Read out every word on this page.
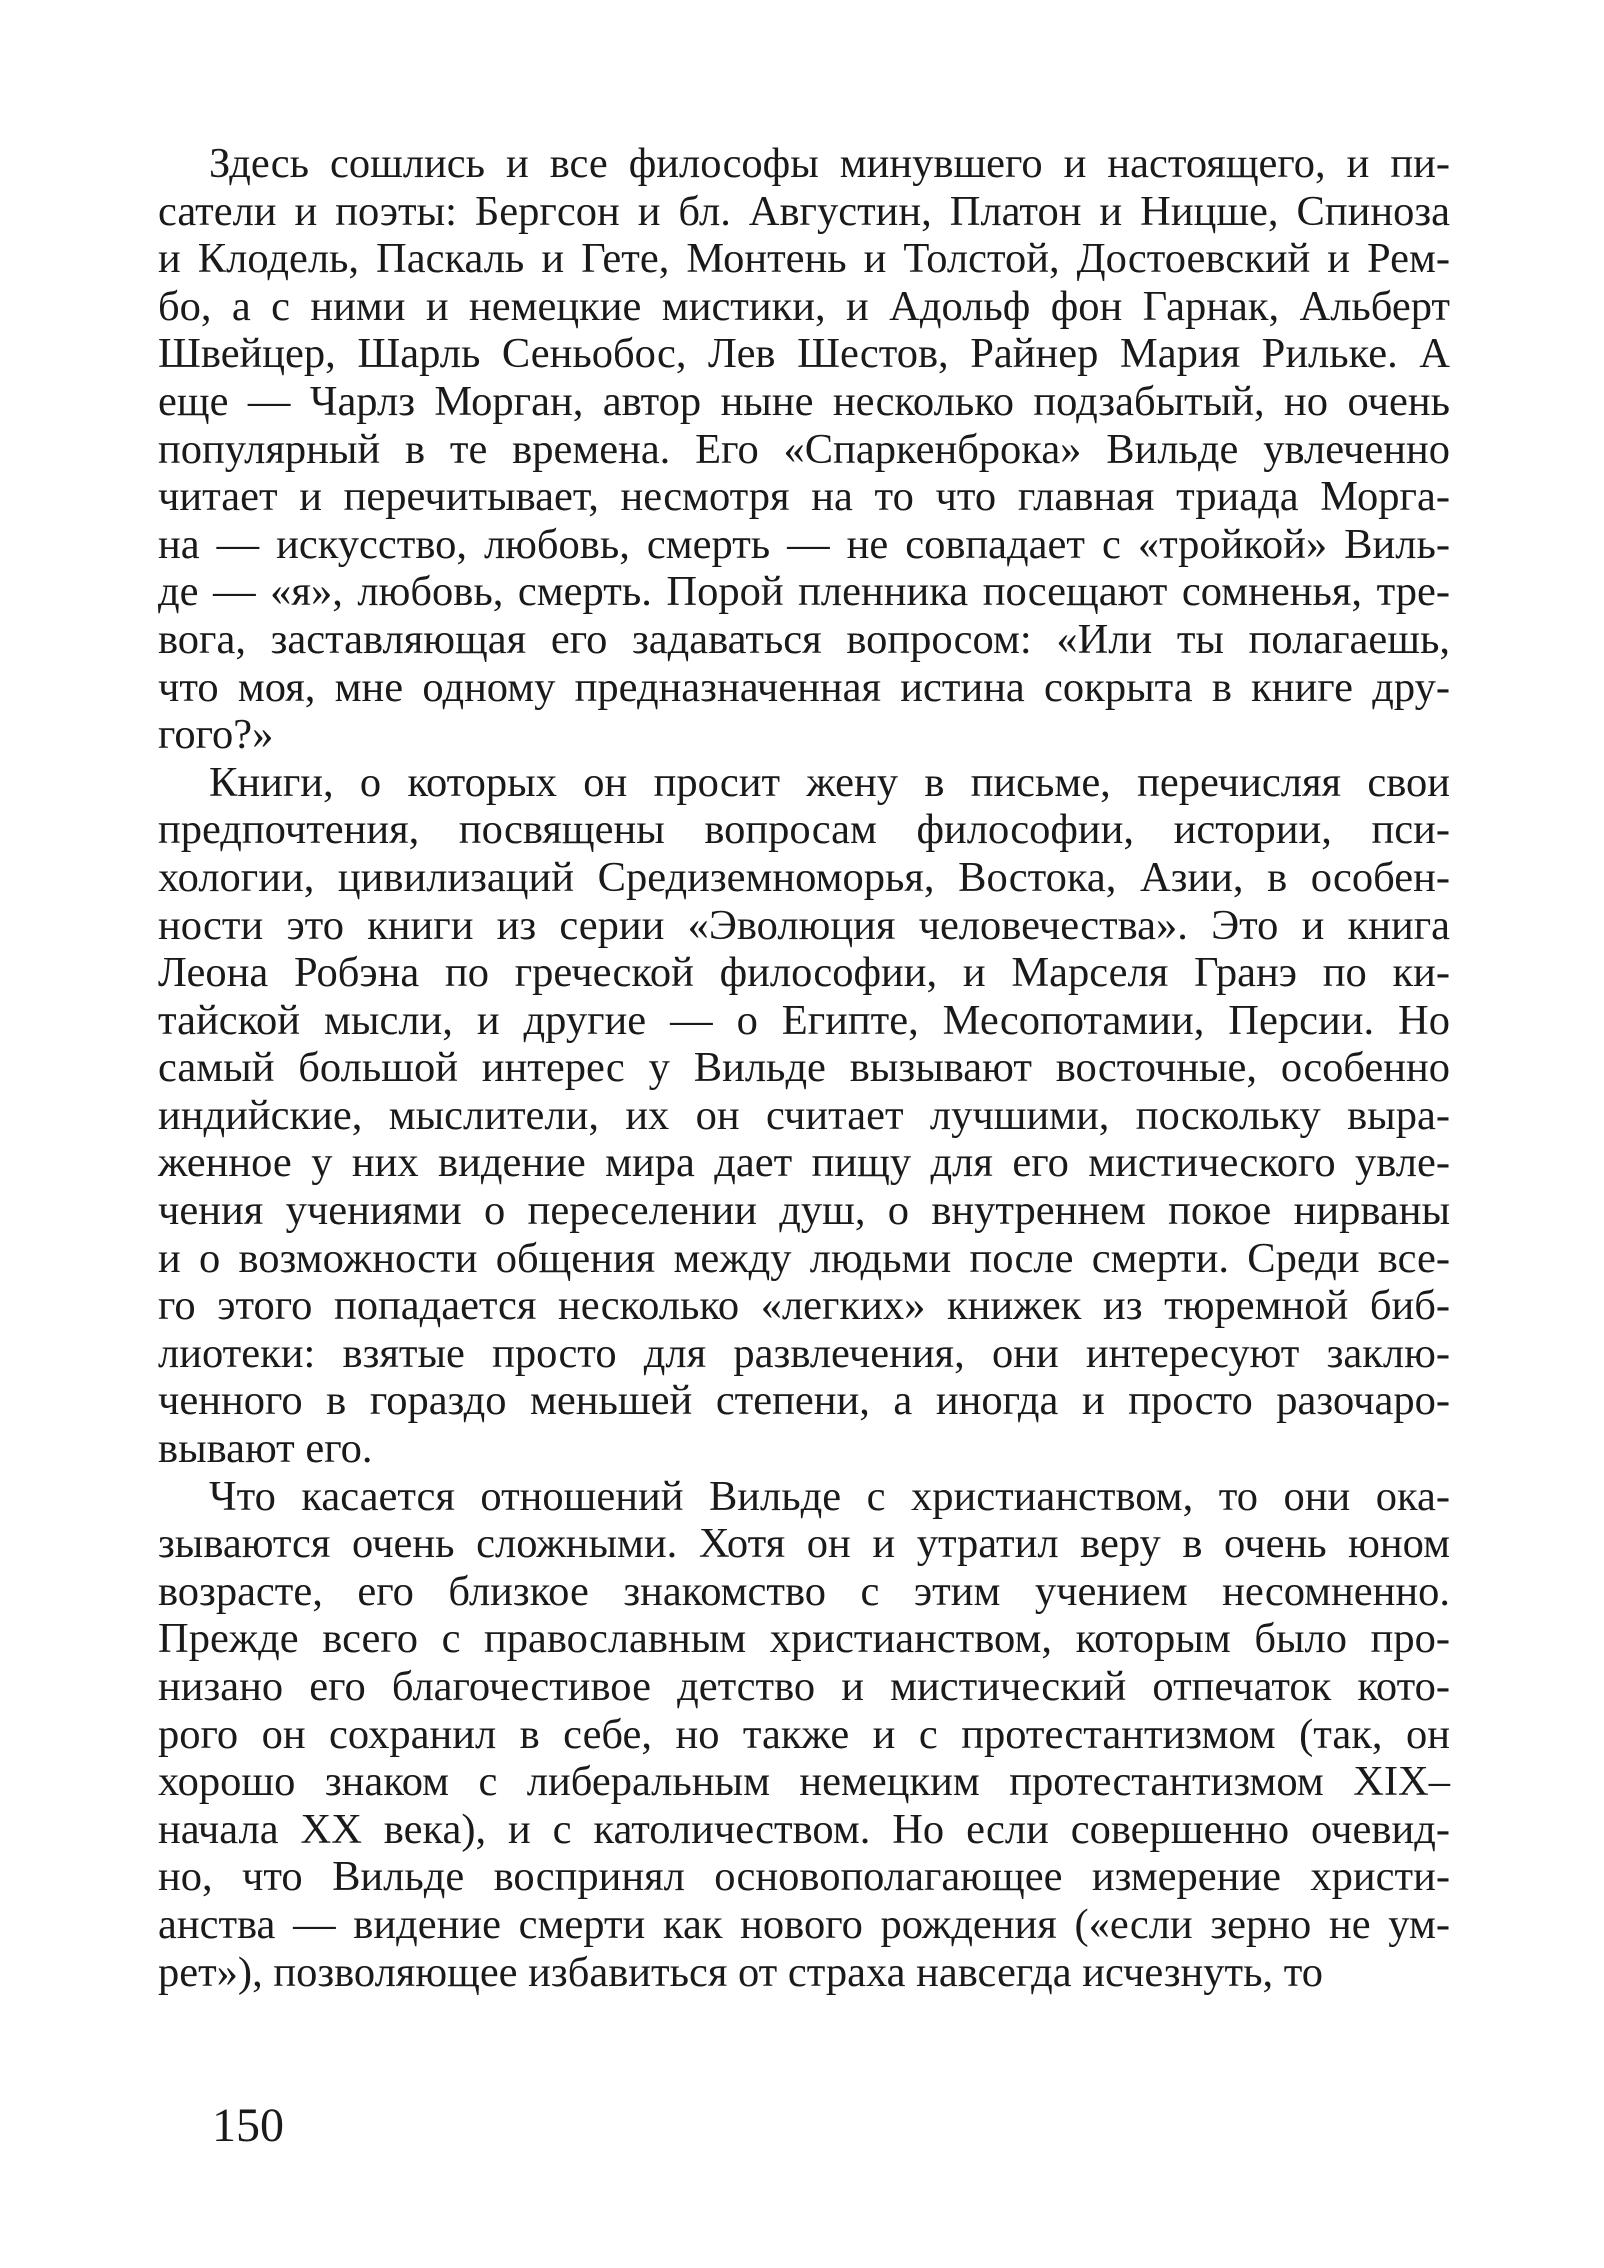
Здесь сошлись и все философы минувшего и настоящего, и пи-
сатели и поэты: Бергсон и бл. Августин, Платон и Ницше, Спиноза
и Клодель, Паскаль и Гете, Монтень и Толстой, Достоевский и Рем-
бо, а с ними и немецкие мистики, и Адольф фон Гарнак, Альберт
Швейцер, Шарль Сеньобос, Лев Шестов, Райнер Мария Рильке. А
еще — Чарлз Морган, автор ныне несколько подзабытый, но очень
популярный в те времена. Его «Спаркенброка» Вильде увлеченно
читает и перечитывает, несмотря на то что главная триада Морга-
на — искусство, любовь, смерть — не совпадает с «тройкой» Виль-
де — «я», любовь, смерть. Порой пленника посещают сомненья, тре-
вога, заставляющая его задаваться вопросом: «Или ты полагаешь,
что моя, мне одному предназначенная истина сокрыта в книге дру-
гого?»
Книги, о которых он просит жену в письме, перечисляя свои
предпочтения, посвящены вопросам философии, истории, пси-
хологии, цивилизаций Средиземноморья, Востока, Азии, в особен-
ности это книги из серии «Эволюция человечества». Это и книга
Леона Робэна по греческой философии, и Марселя Гранэ по ки-
тайской мысли, и другие — о Египте, Месопотамии, Персии. Но
самый большой интерес у Вильде вызывают восточные, особенно
индийские, мыслители, их он считает лучшими, поскольку выра-
женное у них видение мира дает пищу для его мистического увле-
чения учениями о переселении душ, о внутреннем покое нирваны
и о возможности общения между людьми после смерти. Среди все-
го этого попадается несколько «легких» книжек из тюремной биб-
лиотеки: взятые просто для развлечения, они интересуют заклю-
ченного в гораздо меньшей степени, а иногда и просто разочаро-
вывают его.
Что касается отношений Вильде с христианством, то они ока-
зываются очень сложными. Хотя он и утратил веру в очень юном
возрасте, его близкое знакомство с этим учением несомненно.
Прежде всего с православным христианством, которым было про-
низано его благочестивое детство и мистический отпечаток кото-
рого он сохранил в себе, но также и с протестантизмом (так, он
хорошо знаком с либеральным немецким протестантизмом XIX–
начала XX века), и с католичеством. Но если совершенно очевид-
но, что Вильде воспринял основополагающее измерение христи-
анства — видение смерти как нового рождения («если зерно не ум-
рет»), позволяющее избавиться от страха навсегда исчезнуть, то
150
